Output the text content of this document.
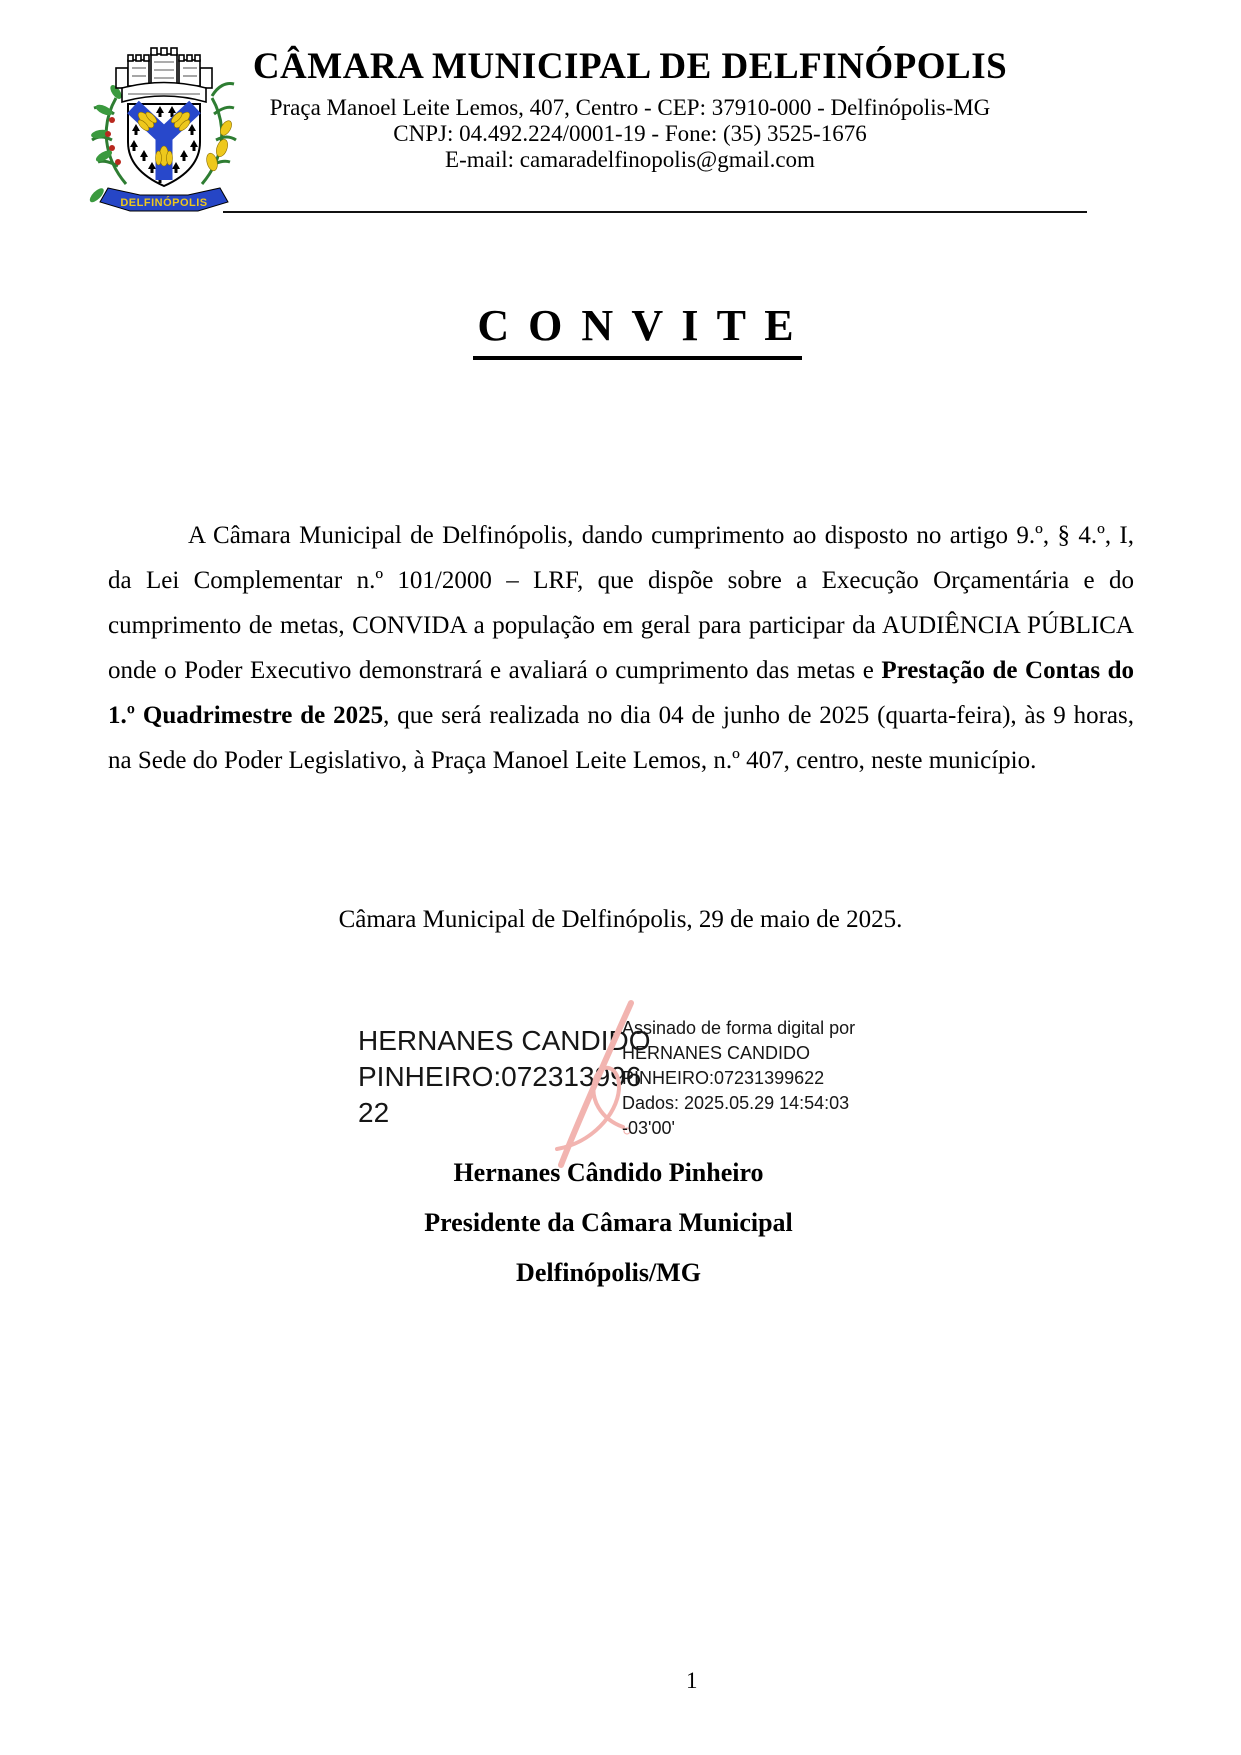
DELFINÓPOLIS

CÂMARA MUNICIPAL DE DELFINÓPOLIS

Praça Manoel Leite Lemos, 407, Centro - CEP: 37910-000 - Delfinópolis-MG

CNPJ: 04.492.224/0001-19 - Fone: (35) 3525-1676

E-mail: camaradelfinopolis@gmail.com

C O N V I T E

A Câmara Municipal de Delfinópolis, dando cumprimento ao disposto no artigo 9.º, § 4.º, I, da Lei Complementar n.º 101/2000 – LRF, que dispõe sobre a Execução Orçamentária e do cumprimento de metas, CONVIDA a população em geral para participar da AUDIÊNCIA PÚBLICA onde o Poder Executivo demonstrará e avaliará o cumprimento das metas e Prestação de Contas do 1.º Quadrimestre de 2025, que será realizada no dia 04 de junho de 2025 (quarta-feira), às 9 horas, na Sede do Poder Legislativo, à Praça Manoel Leite Lemos, n.º 407, centro, neste município.

Câmara Municipal de Delfinópolis, 29 de maio de 2025.
HERNANES CANDIDO
PINHEIRO:072313996
22
Assinado de forma digital por
HERNANES CANDIDO
PINHEIRO:07231399622
Dados: 2025.05.29 14:54:03
-03'00'
Hernanes Cândido Pinheiro
Presidente da Câmara Municipal
Delfinópolis/MG
1
